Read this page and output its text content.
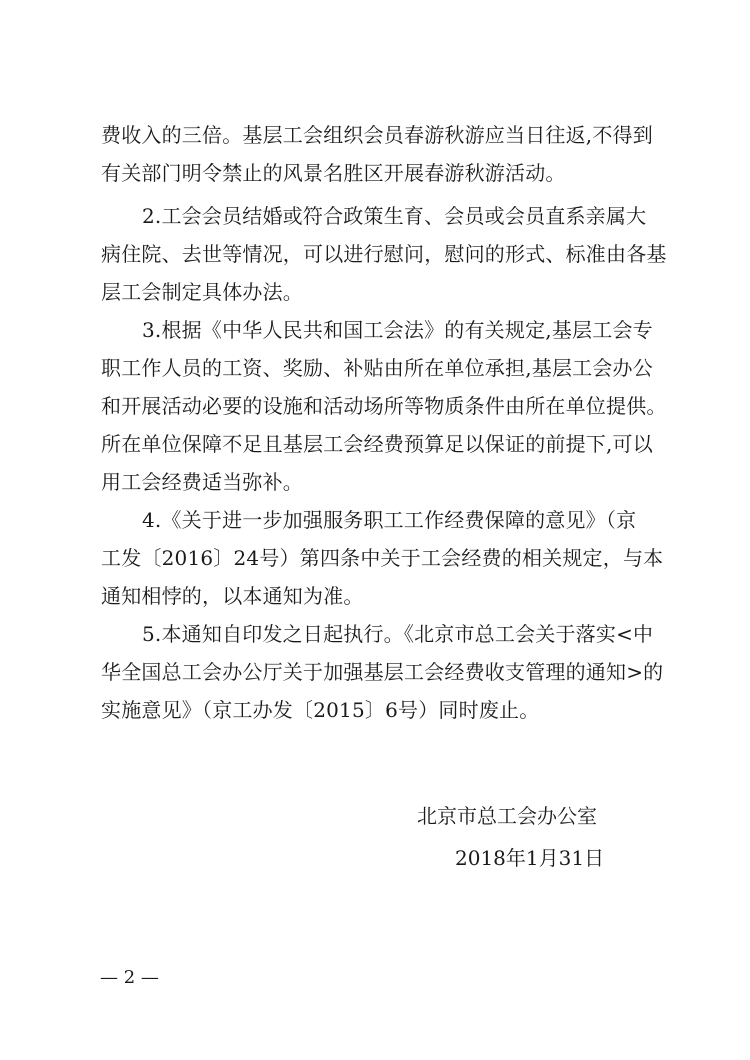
费收入的三倍。基层工会组织会员春游秋游应当日往返,不得到
有关部门明令禁止的风景名胜区开展春游秋游活动。
2.工会会员结婚或符合政策生育、会员或会员直系亲属大
病住院、去世等情况，可以进行慰问，慰问的形式、标准由各基
层工会制定具体办法。
3.根据《中华人民共和国工会法》的有关规定,基层工会专
职工作人员的工资、奖励、补贴由所在单位承担,基层工会办公
和开展活动必要的设施和活动场所等物质条件由所在单位提供。
所在单位保障不足且基层工会经费预算足以保证的前提下,可以
用工会经费适当弥补。
4.《关于进一步加强服务职工工作经费保障的意见》（京
工发〔2016〕24号）第四条中关于工会经费的相关规定，与本
通知相悖的，以本通知为准。
5.本通知自印发之日起执行。《北京市总工会关于落实<中
华全国总工会办公厅关于加强基层工会经费收支管理的通知>的
实施意见》（京工办发〔2015〕6号）同时废止。
北京市总工会办公室
2018年1月31日
— 2 —
